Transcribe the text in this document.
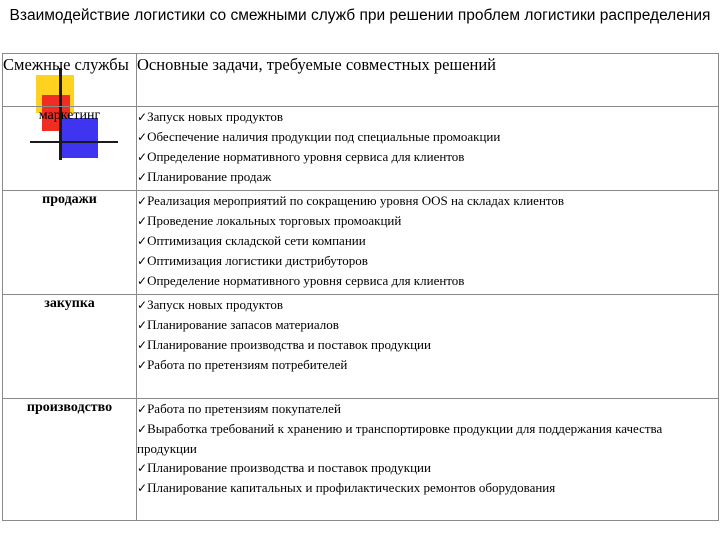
Взаимодействие логистики со смежными служб при решении проблем логистики распределения
Смежные службы	Основные задачи, требуемые совместных решений
маркетинг	✓Запуск новых продуктов
✓Обеспечение наличия продукции под специальные промоакции
✓Определение нормативного уровня сервиса для клиентов
✓Планирование продаж

продажи	✓Реализация мероприятий по сокращению уровня OOS на складах клиентов
✓Проведение локальных торговых промоакций
✓Оптимизация складской сети компании
✓Оптимизация логистики дистрибуторов
✓Определение нормативного уровня сервиса для клиентов

закупка	✓Запуск новых продуктов
✓Планирование запасов материалов
✓Планирование производства и поставок продукции
✓Работа по претензиям потребителей

производство	✓Работа по претензиям покупателей
✓Выработка требований к хранению и транспортировке продукции для поддержания качества продукции
✓Планирование производства и поставок продукции
✓Планирование капитальных и профилактических ремонтов оборудования
